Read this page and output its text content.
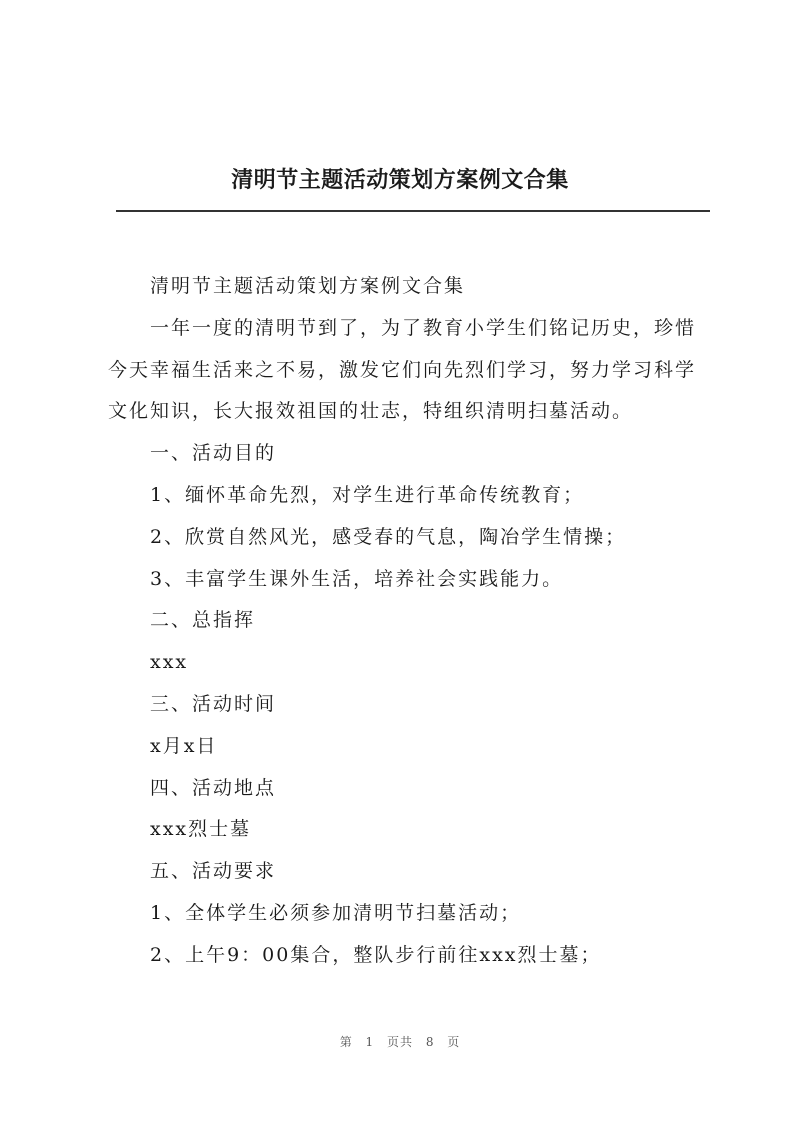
清明节主题活动策划方案例文合集

清明节主题活动策划方案例文合集

一年一度的清明节到了，为了教育小学生们铭记历史，珍惜今天幸福生活来之不易，激发它们向先烈们学习，努力学习科学文化知识，长大报效祖国的壮志，特组织清明扫墓活动。

一、活动目的

1、缅怀革命先烈，对学生进行革命传统教育；

2、欣赏自然风光，感受春的气息，陶冶学生情操；

3、丰富学生课外生活，培养社会实践能力。

二、总指挥

xxx

三、活动时间

x月x日

四、活动地点

xxx烈士墓

五、活动要求

1、全体学生必须参加清明节扫墓活动；

2、上午9：00集合，整队步行前往xxx烈士墓；

第 1 页共 8 页
